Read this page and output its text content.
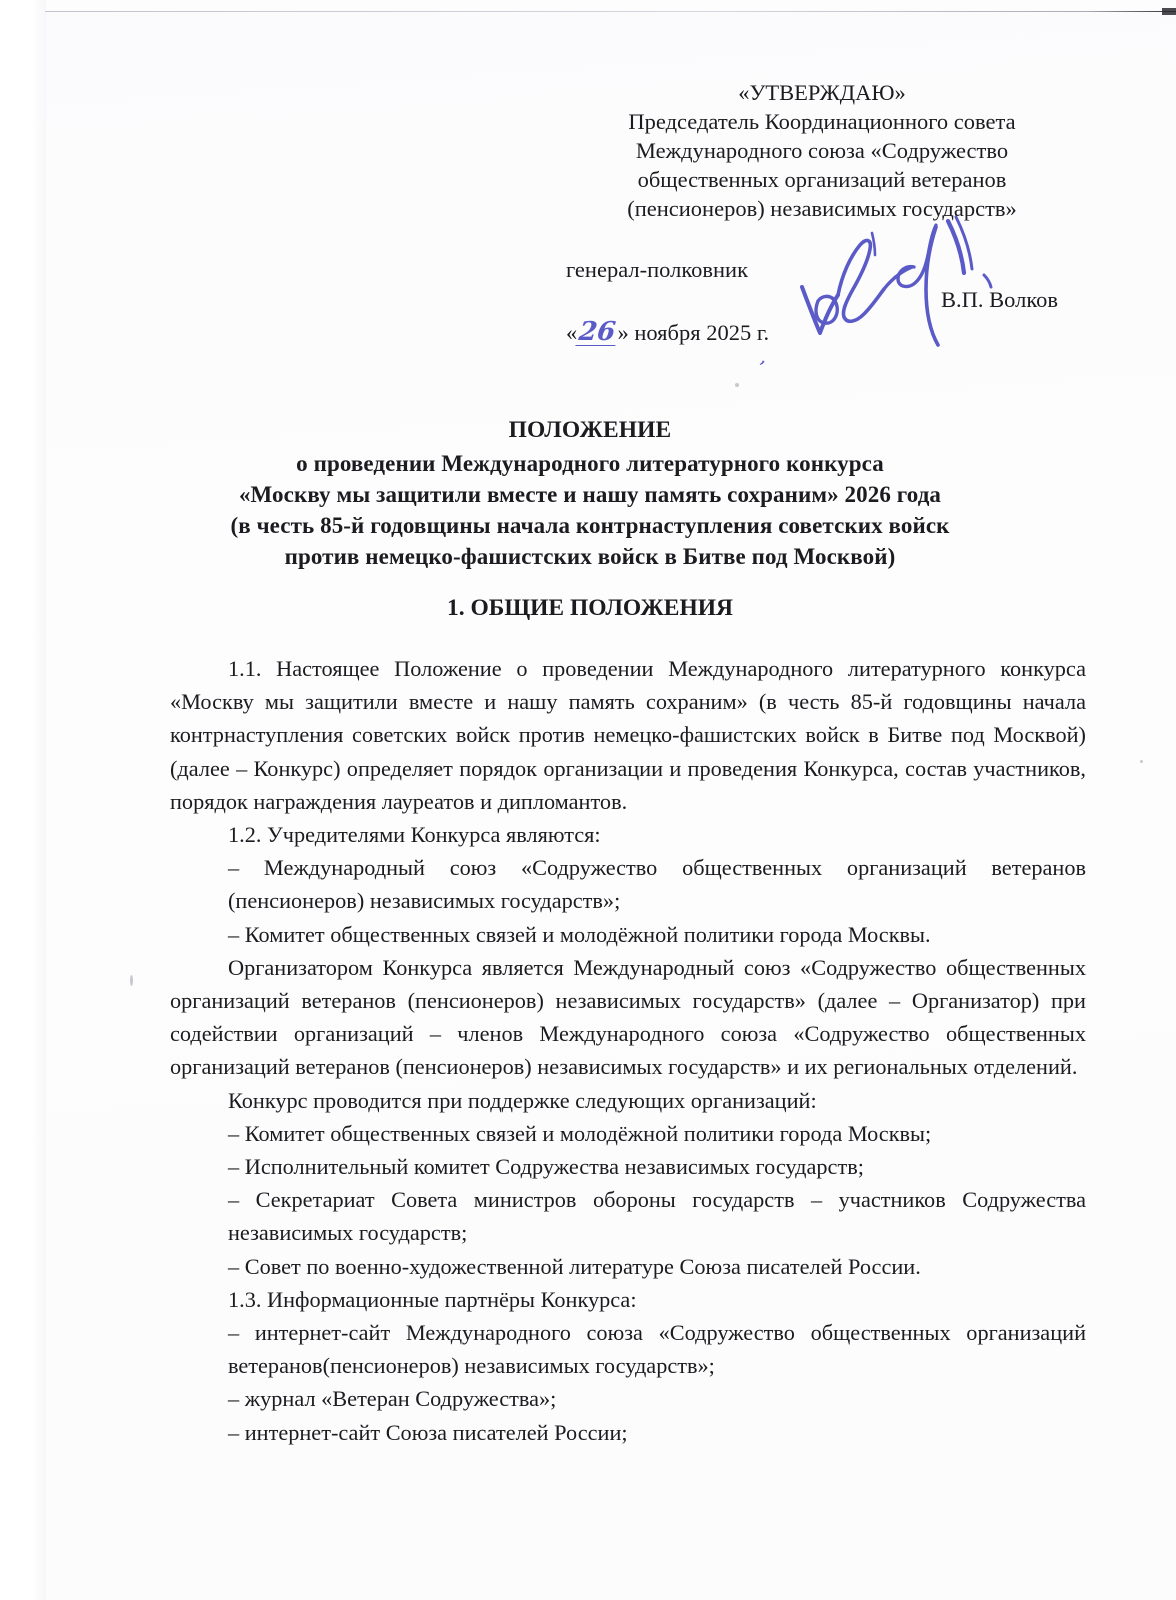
«УТВЕРЖДАЮ»
Председатель Координационного совета
Международного союза «Содружество
общественных организаций ветеранов
(пенсионеров) независимых государств»
генерал-полковник
В.П. Волков
«26» ноября 2025 г.
,
ПОЛОЖЕНИЕ
о проведении Международного литературного конкурса
«Москву мы защитили вместе и нашу память сохраним» 2026 года
(в честь 85-й годовщины начала контрнаступления советских войск
против немецко-фашистских войск в Битве под Москвой)
1. ОБЩИЕ ПОЛОЖЕНИЯ

1.1. Настоящее Положение о проведении Международного литературного конкурса «Москву мы защитили вместе и нашу память сохраним» (в честь 85-й годовщины начала контрнаступления советских войск против немецко-фашистских войск в Битве под Москвой) (далее – Конкурс) определяет порядок организации и проведения Конкурса, состав участников, порядок награждения лауреатов и дипломантов.

1.2. Учредителями Конкурса являются:

– Международный союз «Содружество общественных организаций ветеранов (пенсионеров) независимых государств»;

– Комитет общественных связей и молодёжной политики города Москвы.

Организатором Конкурса является Международный союз «Содружество общественных организаций ветеранов (пенсионеров) независимых государств» (далее – Организатор) при содействии организаций – членов Международного союза «Содружество общественных организаций ветеранов (пенсионеров) независимых государств» и их региональных отделений.

Конкурс проводится при поддержке следующих организаций:

– Комитет общественных связей и молодёжной политики города Москвы;

– Исполнительный комитет Содружества независимых государств;

– Секретариат Совета министров обороны государств – участников Содружества независимых государств;

– Совет по военно-художественной литературе Союза писателей России.

1.3. Информационные партнёры Конкурса:

– интернет-сайт Международного союза «Содружество общественных организаций ветеранов(пенсионеров) независимых государств»;

– журнал «Ветеран Содружества»;

– интернет-сайт Союза писателей России;
